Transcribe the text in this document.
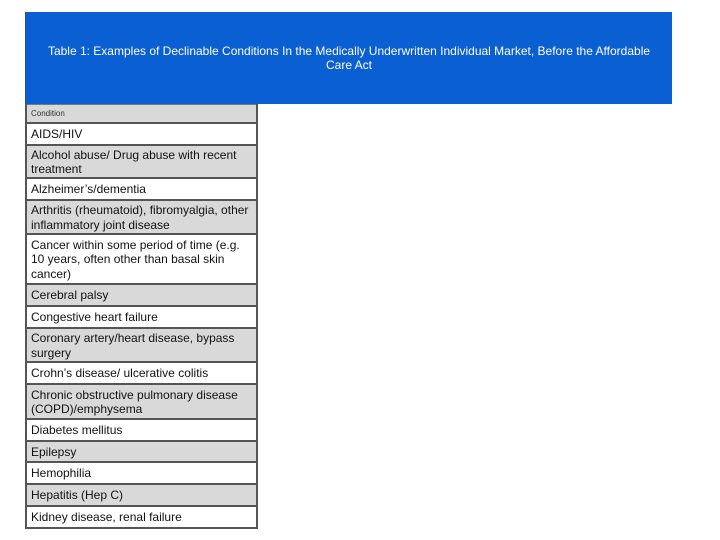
Table 1: Examples of Declinable Conditions In the Medically Underwritten Individual Market, Before the Affordable Care Act
Condition
AIDS/HIV
Alcohol abuse/ Drug abuse with recent treatment
Alzheimer’s/dementia
Arthritis (rheumatoid), fibromyalgia, other inflammatory joint disease
Cancer within some period of time (e.g. 10 years, often other than basal skin cancer)
Cerebral palsy
Congestive heart failure
Coronary artery/heart disease, bypass surgery
Crohn’s disease/ ulcerative colitis
Chronic obstructive pulmonary disease (COPD)/emphysema
Diabetes mellitus
Epilepsy
Hemophilia
Hepatitis (Hep C)
Kidney disease, renal failure
